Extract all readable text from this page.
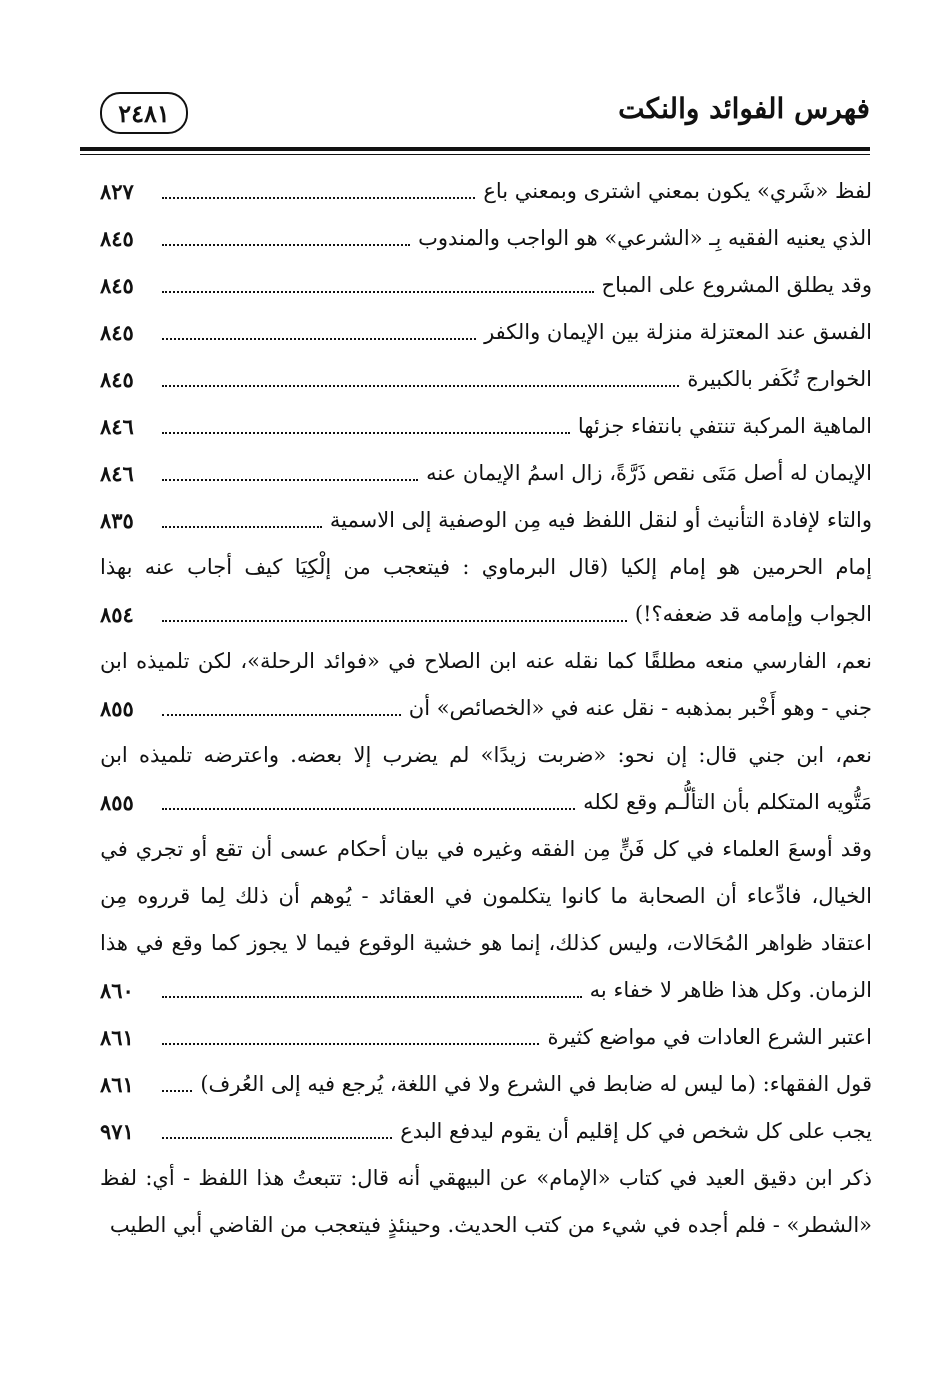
فهرس الفوائد والنكت
٢٤٨١
لفظ «شَري» يكون بمعني اشترى وبمعني باع
٨٢٧
الذي يعنيه الفقيه بِـ «الشرعي» هو الواجب والمندوب
٨٤٥
وقد يطلق المشروع على المباح
٨٤٥
الفسق عند المعتزلة منزلة بين الإيمان والكفر
٨٤٥
الخوارج تُكَفر بالكبيرة
٨٤٥
الماهية المركبة تنتفي بانتفاء جزئها
٨٤٦
الإيمان له أصل مَتَى نقص ذَرَّةً، زال اسمُ الإيمان عنه
٨٤٦
والتاء لإفادة التأنيث أو لنقل اللفظ فيه مِن الوصفية إلى الاسمية
٨٣٥
إمام
الحرمين
هو
إمام
إلكيا
(قال
البرماوي
:
فيتعجب
من
إلْكِيَا
كيف
أجاب
عنه
بهذا
الجواب وإمامه قد ضعفه؟!)
٨٥٤
نعم،
الفارسي
منعه
مطلقًا
كما
نقله
عنه
ابن
الصلاح
في
«فوائد
الرحلة»،
لكن
تلميذه
ابن
جني - وهو أَخْبر بمذهبه - نقل عنه في «الخصائص» أن
٨٥٥
نعم،
ابن
جني
قال:
إن
نحو:
«ضربت
زيدًا»
لم
يضرب
إلا
بعضه.
واعترضه
تلميذه
ابن
مَتُّويه المتكلم بأن التألُّـم وقع لكله
٨٥٥
وقد
أوسعَ
العلماء
في
كل
فَنٍّ
مِن
الفقه
وغيره
في
بيان
أحكام
عسى
أن
تقع
أو
تجري
في
الخيال،
فادِّعاء
أن
الصحابة
ما
كانوا
يتكلمون
في
العقائد
-
يُوهم
أن
ذلك
لِما
قرروه
مِن
اعتقاد
ظواهر
المُحَالات،
وليس
كذلك،
إنما
هو
خشية
الوقوع
فيما
لا
يجوز
كما
وقع
في
هذا
الزمان. وكل هذا ظاهر لا خفاء به
٨٦٠
اعتبر الشرع العادات في مواضع كثيرة
٨٦١
قول الفقهاء: (ما ليس له ضابط في الشرع ولا في اللغة، يُرجع فيه إلى العُرف)
٨٦١
يجب على كل شخص في كل إقليم أن يقوم ليدفع البدع
٩٧١
ذكر
ابن
دقيق
العيد
في
كتاب
«الإمام»
عن
البيهقي
أنه
قال:
تتبعتُ
هذا
اللفظ
-
أي:
لفظ
«الشطر» - فلم أجده في شيء من كتب الحديث. وحينئذٍ فيتعجب من القاضي أبي الطيب
